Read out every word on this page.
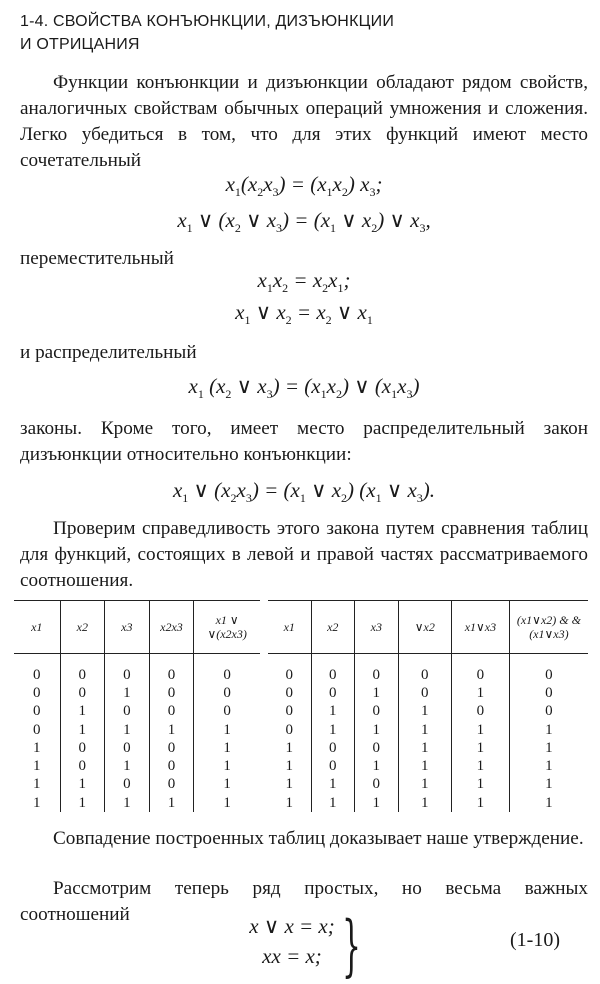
1-4. СВОЙСТВА КОНЪЮНКЦИИ, ДИЗЪЮНКЦИИ
И ОТРИЦАНИЯ
Функции конъюнкции и дизъюнкции обладают рядом свойств, аналогичных свойствам обычных операций умножения и сложения. Легко убедиться в том, что для этих функций имеют место сочетательный
$x_1(x_2x_3) = (x_1x_2)$ $x_3$;
$x_1$ ∨ ($x_2$ ∨ $x_3) = (x_1$ ∨ $x_2$) ∨ $x_3$,
переместительный
$x_1x_2 = x_2x_1$;
$x_1$ ∨ $x_2 = x_2$ ∨ $x_1$
и распределительный
$x_1$ ($x_2$ ∨ $x_3) = (x_1x_2)$ ∨ $(x_1x_3)$
законы. Кроме того, имеет место распределительный закон дизъюнкции относительно конъюнкции:
$x_1$ ∨ $(x_2x_3) = (x_1$ ∨ $x_2$) ($x_1$ ∨ $x_3$).
Проверим справедливость этого закона путем сравнения таблиц для функций, состоящих в левой и правой частях рассматриваемого соотношения.
x1	x2	x3	x2x3	x1 ∨ ∨(x2x3)
0	0	0	0	0
0	0	1	0	0
0	1	0	0	0
0	1	1	1	1
1	0	0	0	1
1	0	1	0	1
1	1	0	0	1
1	1	1	1	1
x1	x2	x3	∨x2	x1∨x3	(x1∨x2) & & (x1∨x3)
0	0	0	0	0	0
0	0	1	0	1	0
0	1	0	1	0	0
0	1	1	1	1	1
1	0	0	1	1	1
1	0	1	1	1	1
1	1	0	1	1	1
1	1	1	1	1	1
Совпадение построенных таблиц доказывает наше утверждение.
Рассмотрим теперь ряд простых, но весьма важных соотношений	x ∨ x = x;
xx = x; }	(1-10)
